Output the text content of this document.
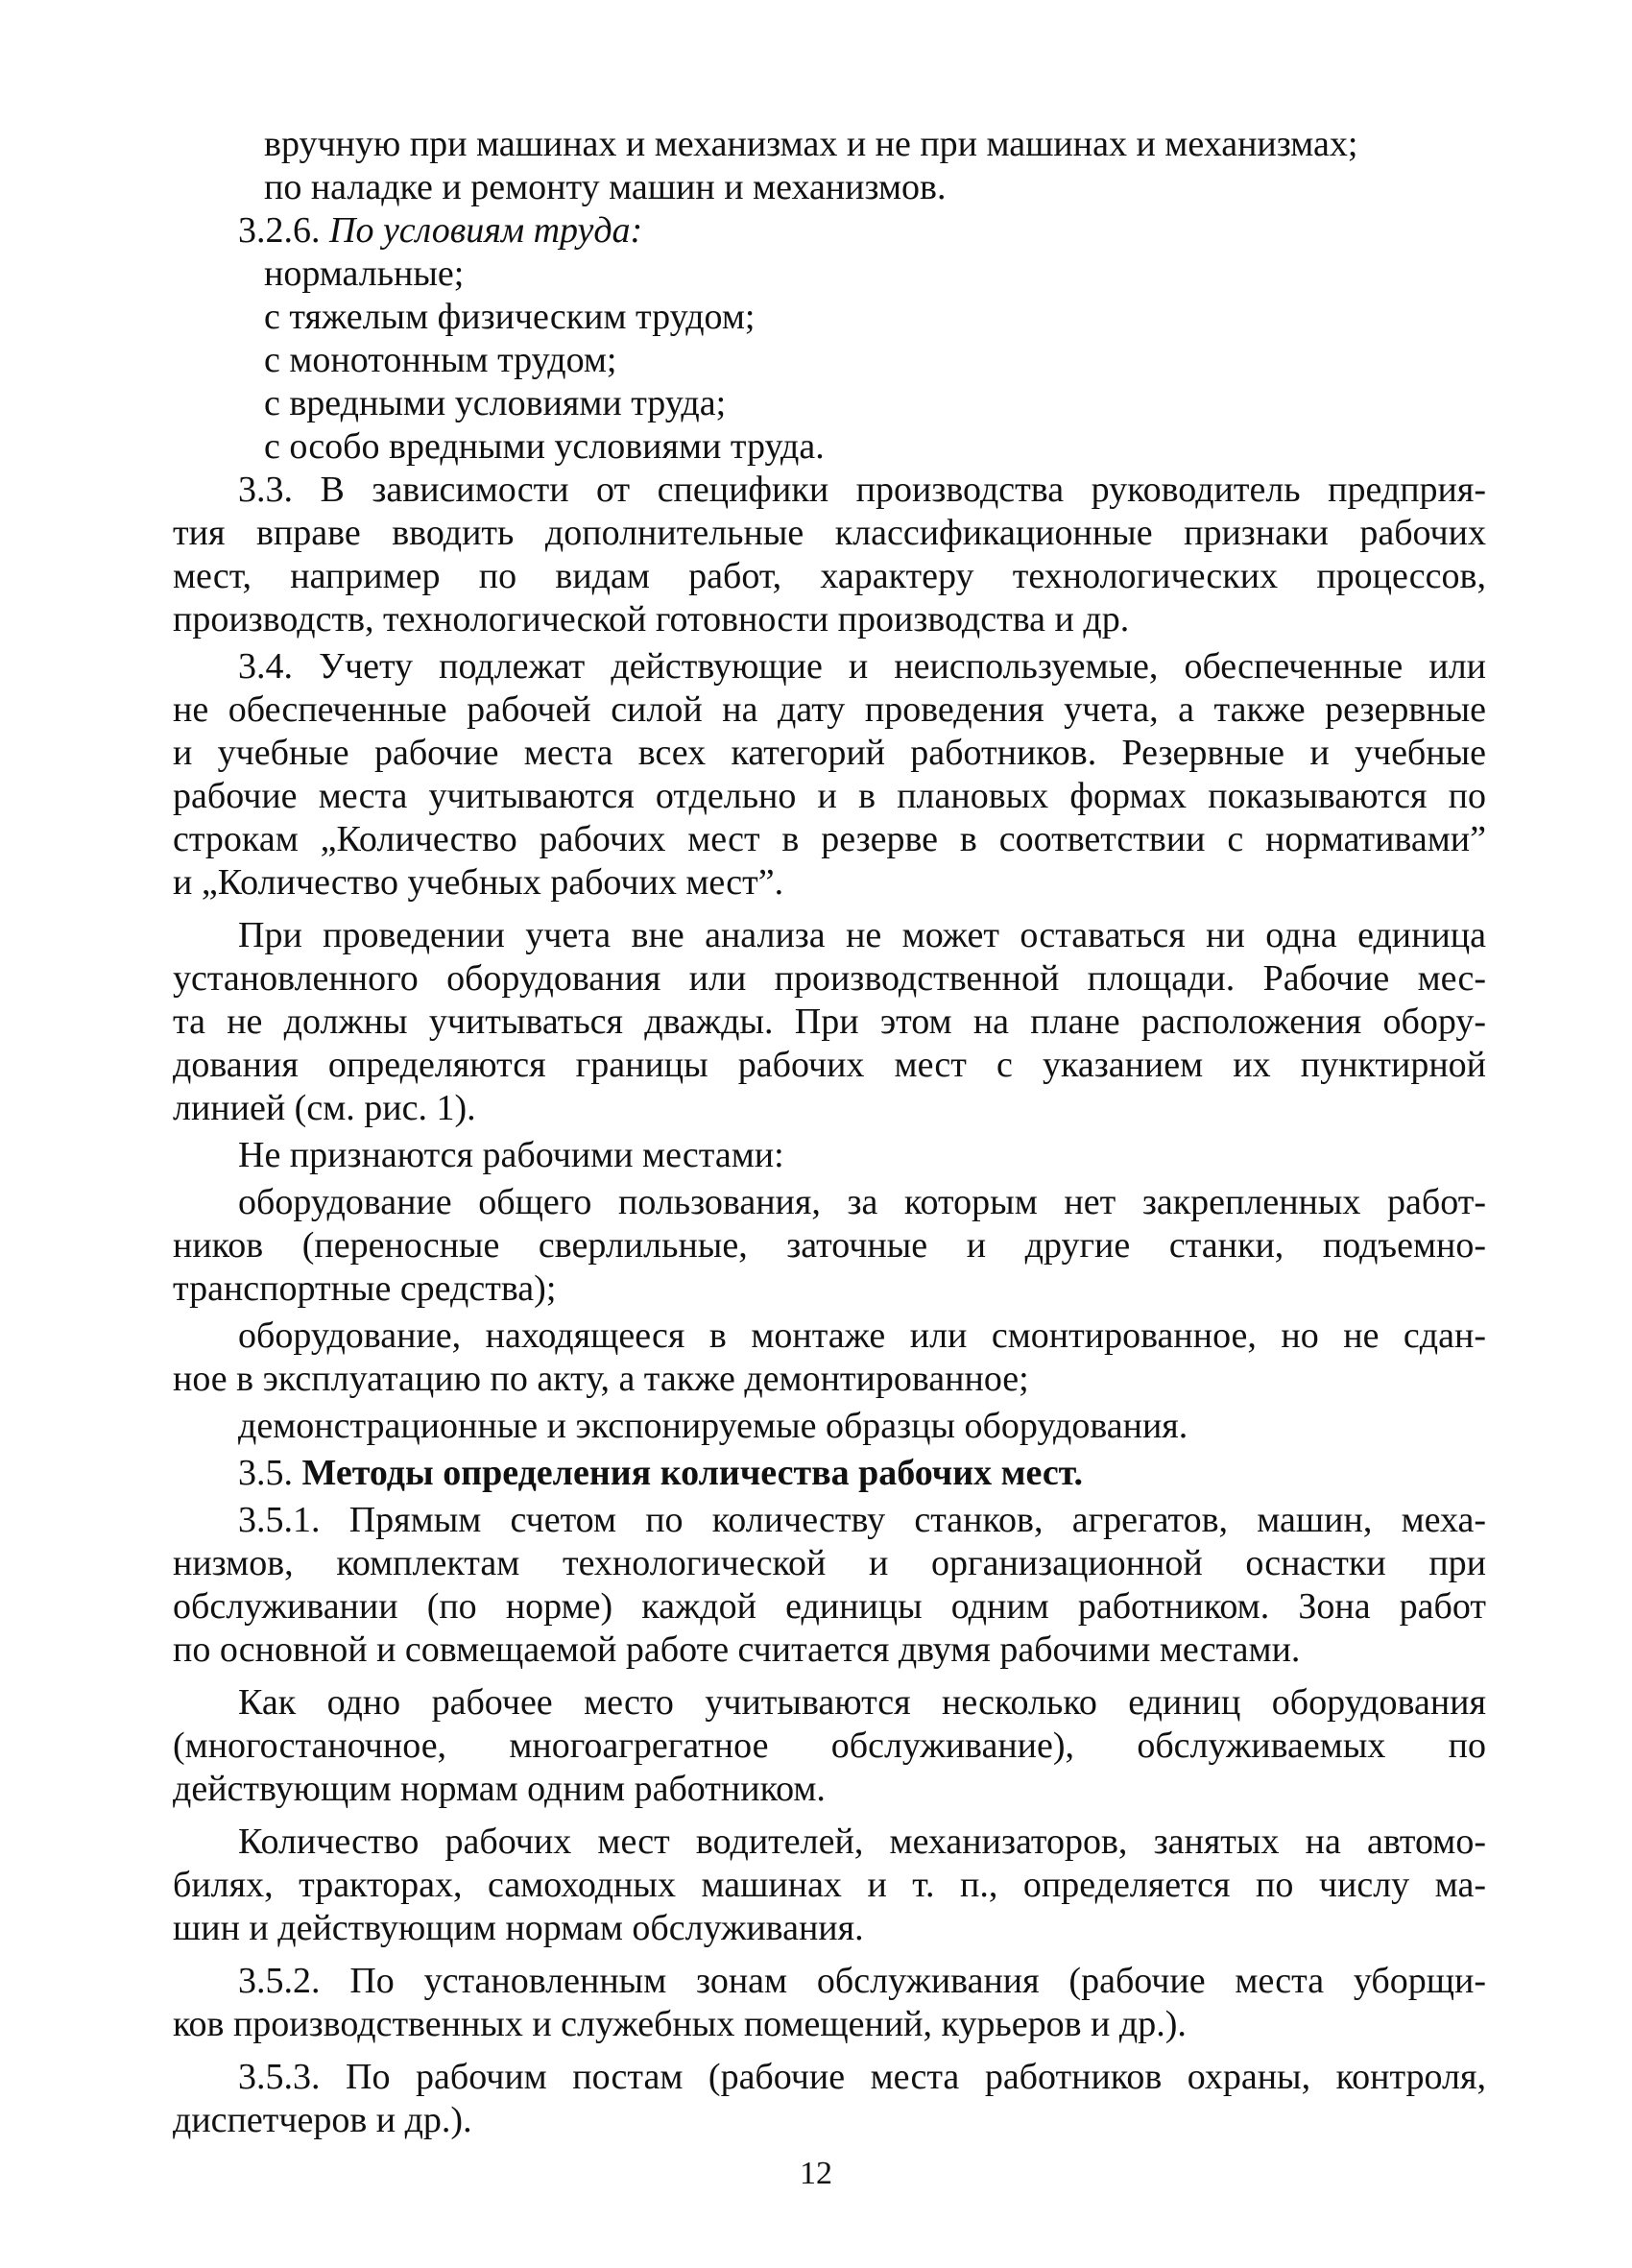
вручную при машинах и механизмах и не при машинах и механизмах;

по наладке и ремонту машин и механизмов.

3.2.6. По условиям труда:

нормальные;

с тяжелым физическим трудом;

с монотонным трудом;

с вредными условиями труда;

с особо вредными условиями труда.

3.3. В зависимости от специфики производства руководитель предприя-

тия вправе вводить дополнительные классификационные признаки рабочих

мест, например по видам работ, характеру технологических процессов,

производств, технологической готовности производства и др.

3.4. Учету подлежат действующие и неиспользуемые, обеспеченные или

не обеспеченные рабочей силой на дату проведения учета, а также резервные

и учебные рабочие места всех категорий работников. Резервные и учебные

рабочие места учитываются отдельно и в плановых формах показываются по

строкам „Количество рабочих мест в резерве в соответствии с нормативами”

и „Количество учебных рабочих мест”.

При проведении учета вне анализа не может оставаться ни одна единица

установленного оборудования или производственной площади. Рабочие мес-

та не должны учитываться дважды. При этом на плане расположения обору-

дования определяются границы рабочих мест с указанием их пунктирной

линией (см. рис. 1).

Не признаются рабочими местами:

оборудование общего пользования, за которым нет закрепленных работ-

ников (переносные сверлильные, заточные и другие станки, подъемно-

транспортные средства);

оборудование, находящееся в монтаже или смонтированное, но не сдан-

ное в эксплуатацию по акту, а также демонтированное;

демонстрационные и экспонируемые образцы оборудования.

3.5. Методы определения количества рабочих мест.

3.5.1. Прямым счетом по количеству станков, агрегатов, машин, меха-

низмов, комплектам технологической и организационной оснастки при

обслуживании (по норме) каждой единицы одним работником. Зона работ

по основной и совмещаемой работе считается двумя рабочими местами.

Как одно рабочее место учитываются несколько единиц оборудования

(многостаночное, многоагрегатное обслуживание), обслуживаемых по

действующим нормам одним работником.

Количество рабочих мест водителей, механизаторов, занятых на автомо-

билях, тракторах, самоходных машинах и т. п., определяется по числу ма-

шин и действующим нормам обслуживания.

3.5.2. По установленным зонам обслуживания (рабочие места уборщи-

ков производственных и служебных помещений, курьеров и др.).

3.5.3. По рабочим постам (рабочие места работников охраны, контроля,

диспетчеров и др.).

12
